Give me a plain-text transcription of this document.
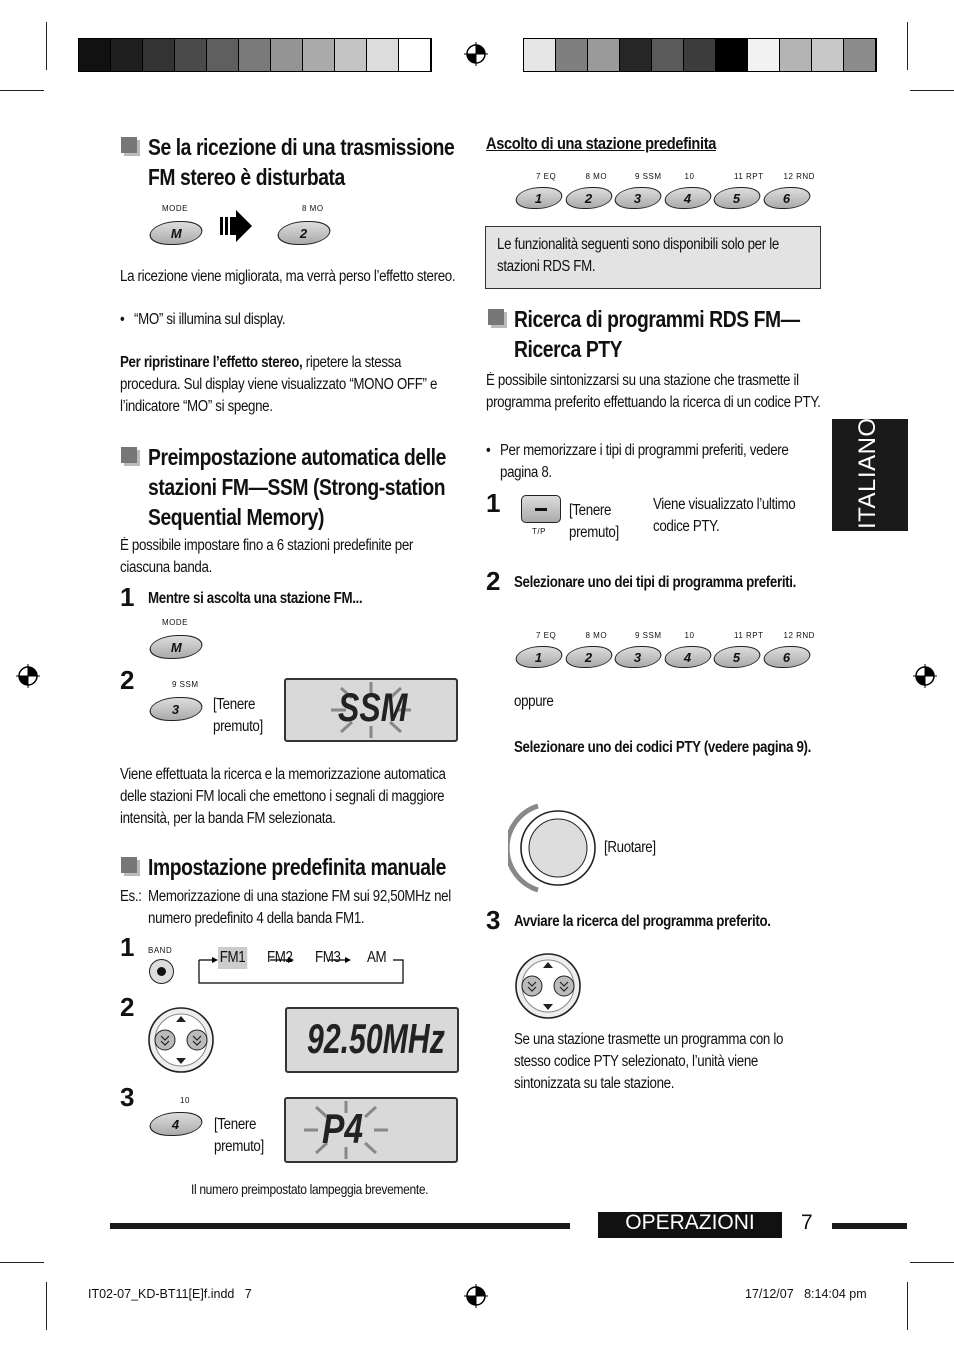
Se la ricezione di una trasmissione FM stereo è disturbata
MODE
M
8 MO
2
La ricezione viene migliorata, ma verrà perso l’effetto stereo.
• “MO” si illumina sul display.
Per ripristinare l’effetto stereo, ripetere la stessa procedura. Sul display viene visualizzato “MONO OFF” e l’indicatore “MO” si spegne.
Preimpostazione automatica delle stazioni FM—SSM (Strong-station Sequential Memory)
È possibile impostare fino a 6 stazioni predefinite per ciascuna banda.
1 Mentre si ascolta una stazione FM...
MODE
M
2	9 SSM
3 [Tenere premuto]	SSM
Viene effettuata la ricerca e la memorizzazione automatica delle stazioni FM locali che emettono i segnali di maggiore intensità, per la banda FM selezionata.
Impostazione predefinita manuale
Es.: Memorizzazione di una stazione FM sui 92,50MHz nel numero predefinito 4 della banda FM1.
1 BAND	FM1 FM2 FM3 AM
2
92.50MHz
3	10
4 [Tenere premuto] P4
Il numero preimpostato lampeggia brevemente.
Ascolto di una stazione predefinita
7 EQ
1
8 MO
2
9 SSM
3
10
4
11 RPT
5
12 RND
6
Le funzionalità seguenti sono disponibili solo per le stazioni RDS FM.
Ricerca di programmi RDS FM—Ricerca PTY
È possibile sintonizzarsi su una stazione che trasmette il programma preferito effettuando la ricerca di un codice PTY.
• Per memorizzare i tipi di programmi preferiti, vedere pagina 8.
1
T/P
[Tenere premuto]
Viene visualizzato l’ultimo codice PTY.
2 Selezionare uno dei tipi di programma preferiti.
7 EQ
1
8 MO
2
9 SSM
3
10
4
11 RPT
5
12 RND
6
oppure
Selezionare uno dei codici PTY (vedere pagina 9).
[Ruotare]
3 Avviare la ricerca del programma preferito.
Se una stazione trasmette un programma con lo stesso codice PTY selezionato, l’unità viene sintonizzata su tale stazione.
ITALIANO
OPERAZIONI	7
IT02-07_KD-BT11[E]f.indd   7	17/12/07   8:14:04 pm
